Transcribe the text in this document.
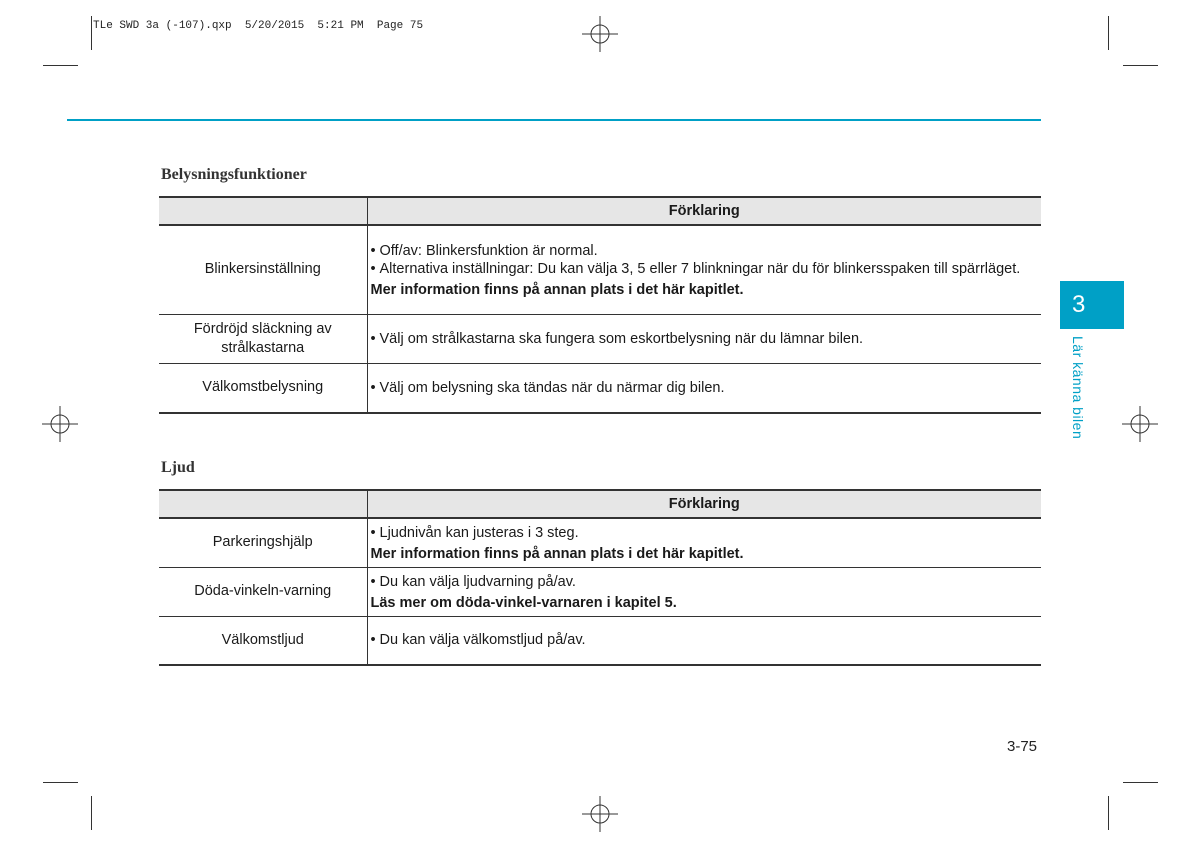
TLe SWD 3a (-107).qxp  5/20/2015  5:21 PM  Page 75
Belysningsfunktioner
	Förklaring
Blinkersinställning	• Off/av: Blinkersfunktion är normal.
• Alternativa inställningar: Du kan välja 3, 5 eller 7 blinkningar när du för blinkersspaken till spärrläget.
Mer information finns på annan plats i det här kapitlet.

Fördröjd släckning av strålkastarna	• Välj om strålkastarna ska fungera som eskortbelysning när du lämnar bilen.

Välkomstbelysning	• Välj om belysning ska tändas när du närmar dig bilen.
Ljud
	Förklaring
Parkeringshjälp	• Ljudnivån kan justeras i 3 steg.
Mer information finns på annan plats i det här kapitlet.

Döda-vinkeln-varning	• Du kan välja ljudvarning på/av.
Läs mer om döda-vinkel-varnaren i kapitel 5.

Välkomstljud	• Du kan välja välkomstljud på/av.
3
Lär känna bilen
3-75
